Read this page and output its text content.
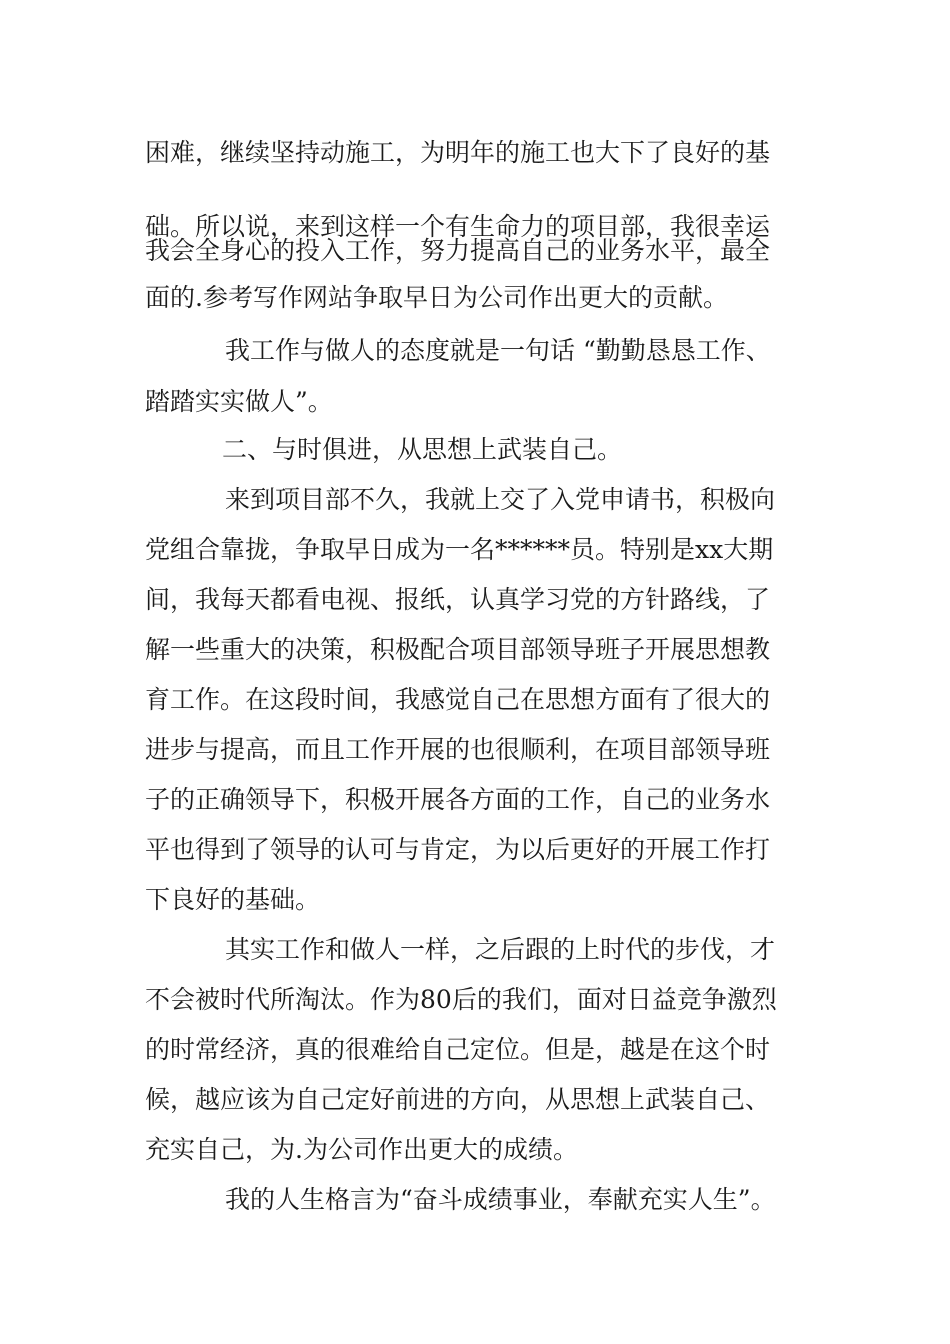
困难，继续坚持动施工，为明年的施工也大下了良好的基
础。所以说，来到这样一个有生命力的项目部，我很幸运
我会全身心的投入工作，努力提高自己的业务水平，最全
面的.参考写作网站争取早日为公司作出更大的贡献。
我工作与做人的态度就是一句话 “勤勤恳恳工作、
踏踏实实做人”。
二、与时俱进，从思想上武装自己。
来到项目部不久，我就上交了入党申请书，积极向
党组合靠拢，争取早日成为一名******员。特别是xx大期
间，我每天都看电视、报纸，认真学习党的方针路线，了
解一些重大的决策，积极配合项目部领导班子开展思想教
育工作。在这段时间，我感觉自己在思想方面有了很大的
进步与提高，而且工作开展的也很顺利，在项目部领导班
子的正确领导下，积极开展各方面的工作，自己的业务水
平也得到了领导的认可与肯定，为以后更好的开展工作打
下良好的基础。
其实工作和做人一样，之后跟的上时代的步伐，才
不会被时代所淘汰。作为80后的我们，面对日益竞争激烈
的时常经济，真的很难给自己定位。但是，越是在这个时
候，越应该为自己定好前进的方向，从思想上武装自己、
充实自己，为.为公司作出更大的成绩。
我的人生格言为“奋斗成绩事业，奉献充实人生”。
